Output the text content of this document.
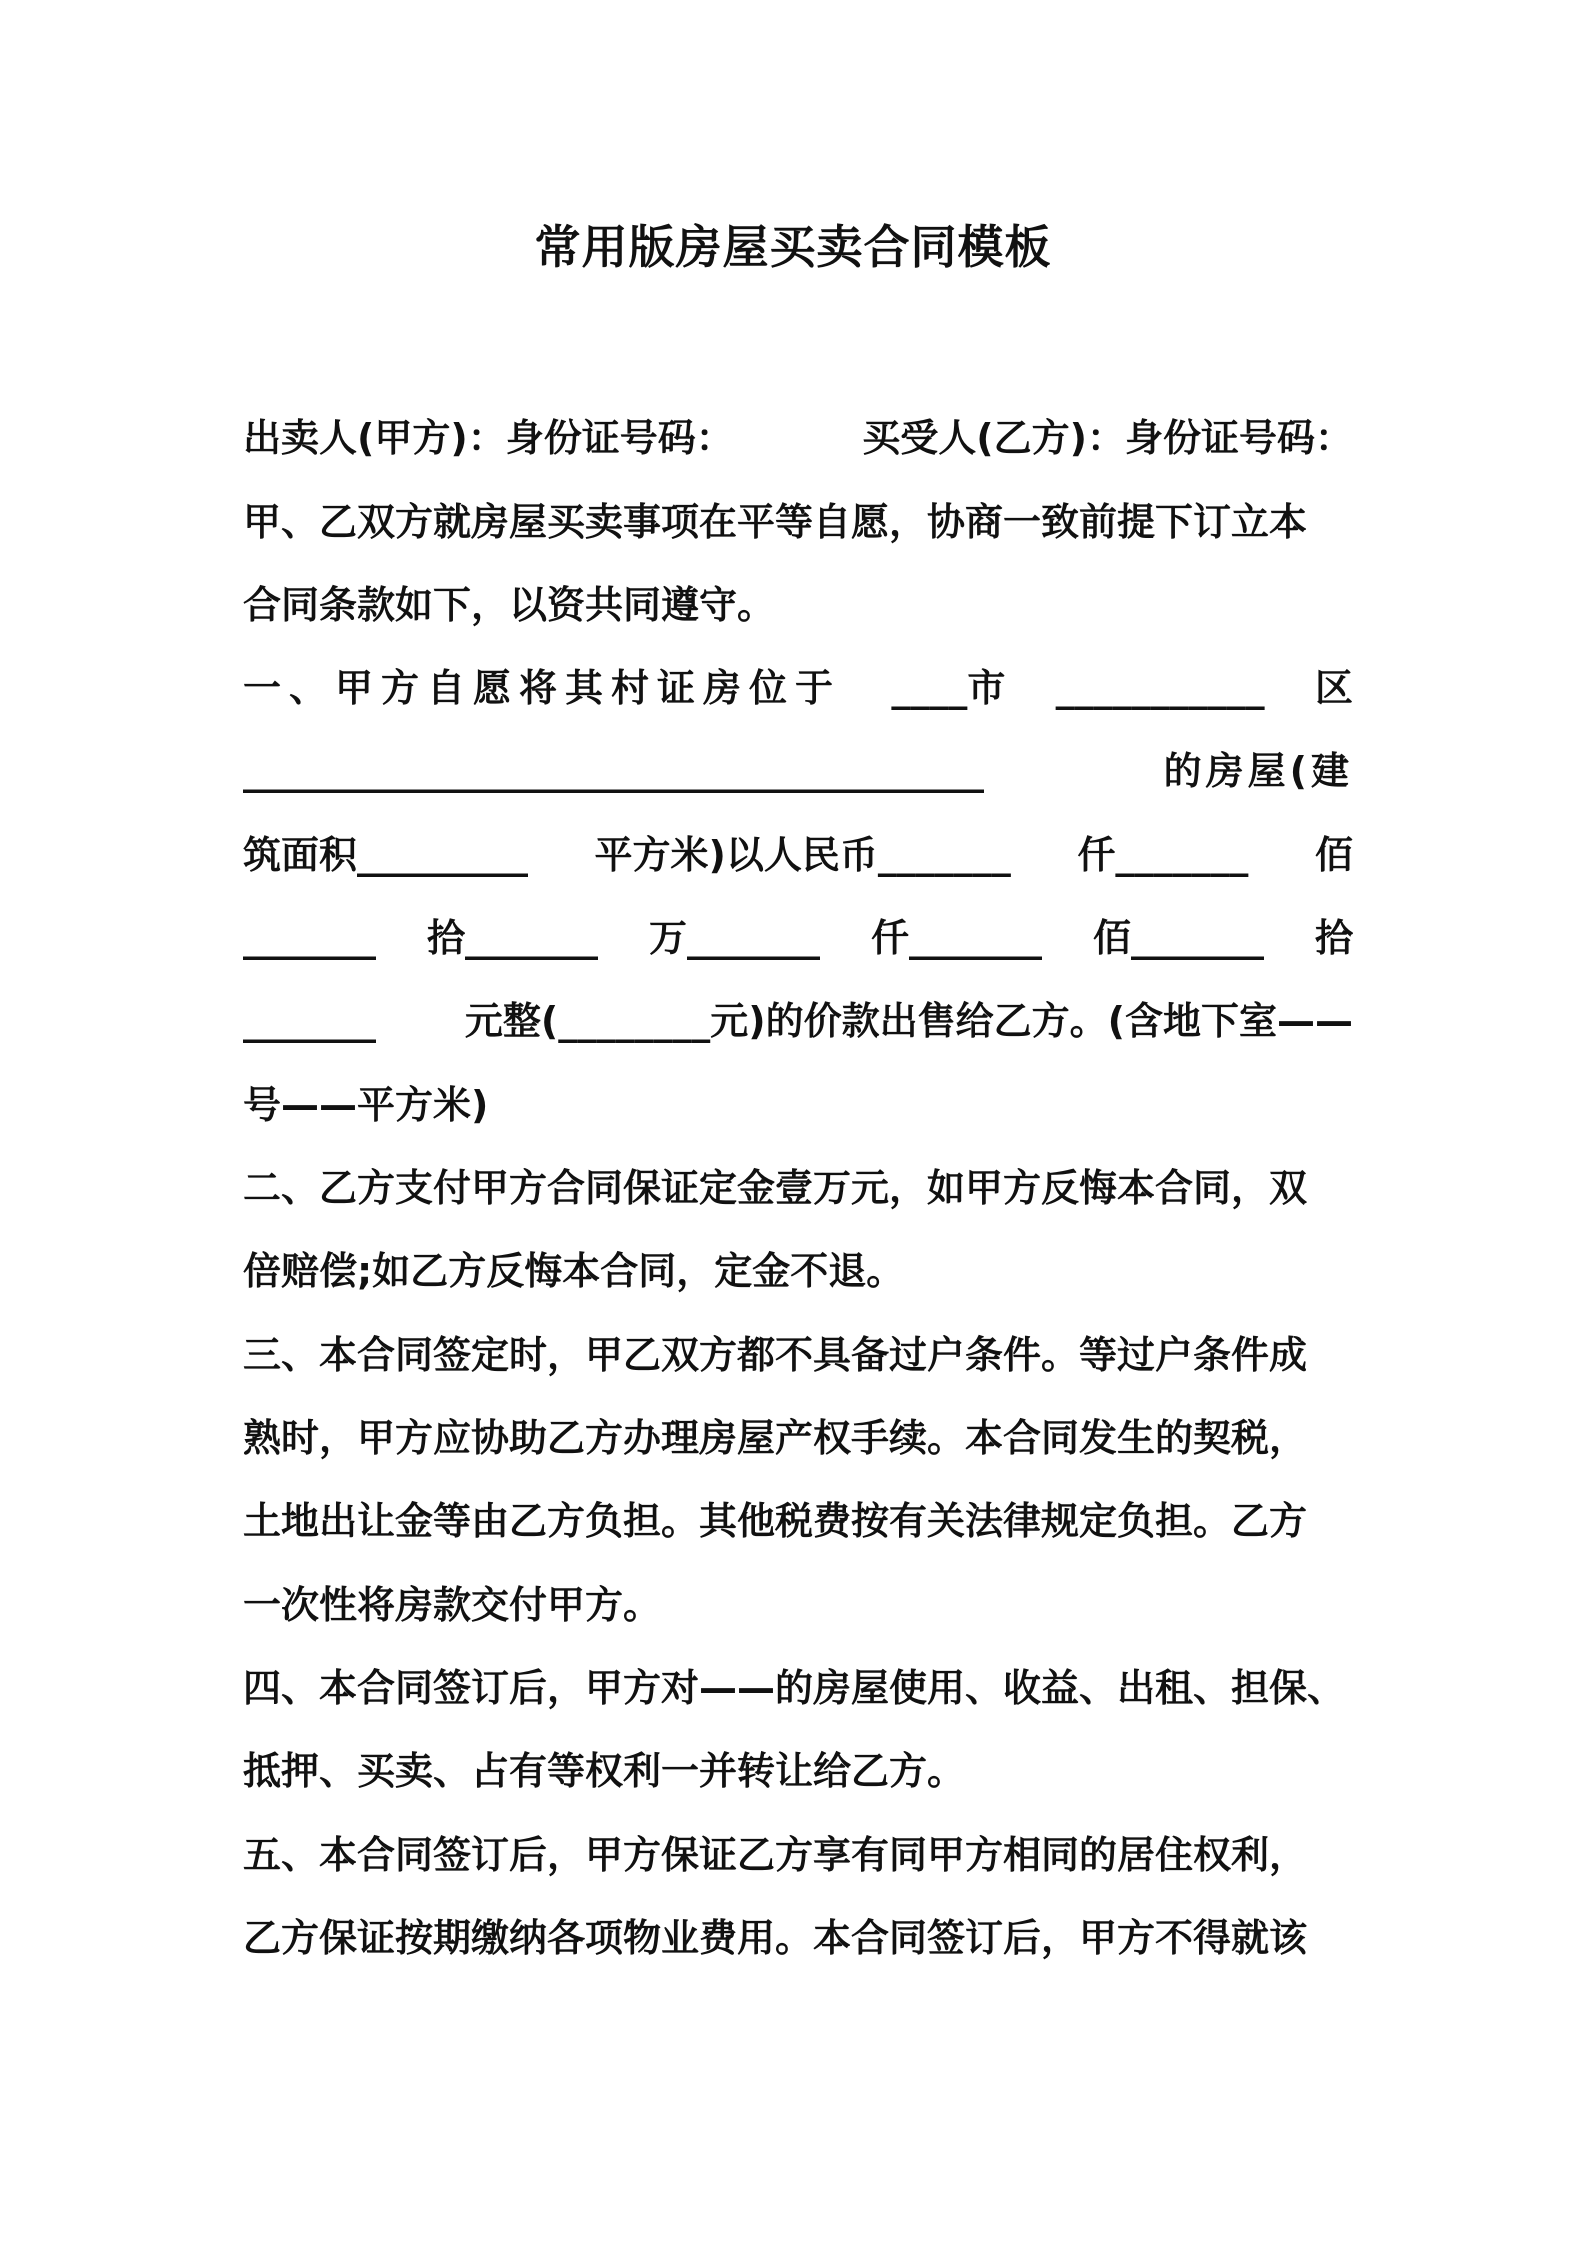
常用版房屋买卖合同模板
出卖人(甲方)：身份证号码：	买受人(乙方)：身份证号码：
甲、乙双方就房屋买卖事项在平等自愿，协商一致前提下订立本
合同条款如下，以资共同遵守。
一、甲方自愿将其村证房位于 ____市 ___________ 区
_______________________________________	的房屋(建
筑面积_________ 平方米)以人民币_______ 仟_______ 佰
_______ 拾_______ 万_______ 仟_______ 佰_______ 拾
_______ 元整(________元)的价款出售给乙方。(含地下室——
号——平方米)
二、乙方支付甲方合同保证定金壹万元，如甲方反悔本合同，双
倍赔偿;如乙方反悔本合同，定金不退。
三、本合同签定时，甲乙双方都不具备过户条件。等过户条件成
熟时，甲方应协助乙方办理房屋产权手续。本合同发生的契税，
土地出让金等由乙方负担。其他税费按有关法律规定负担。乙方
一次性将房款交付甲方。
四、本合同签订后，甲方对——的房屋使用、收益、出租、担保、
抵押、买卖、占有等权利一并转让给乙方。
五、本合同签订后，甲方保证乙方享有同甲方相同的居住权利，
乙方保证按期缴纳各项物业费用。本合同签订后，甲方不得就该
